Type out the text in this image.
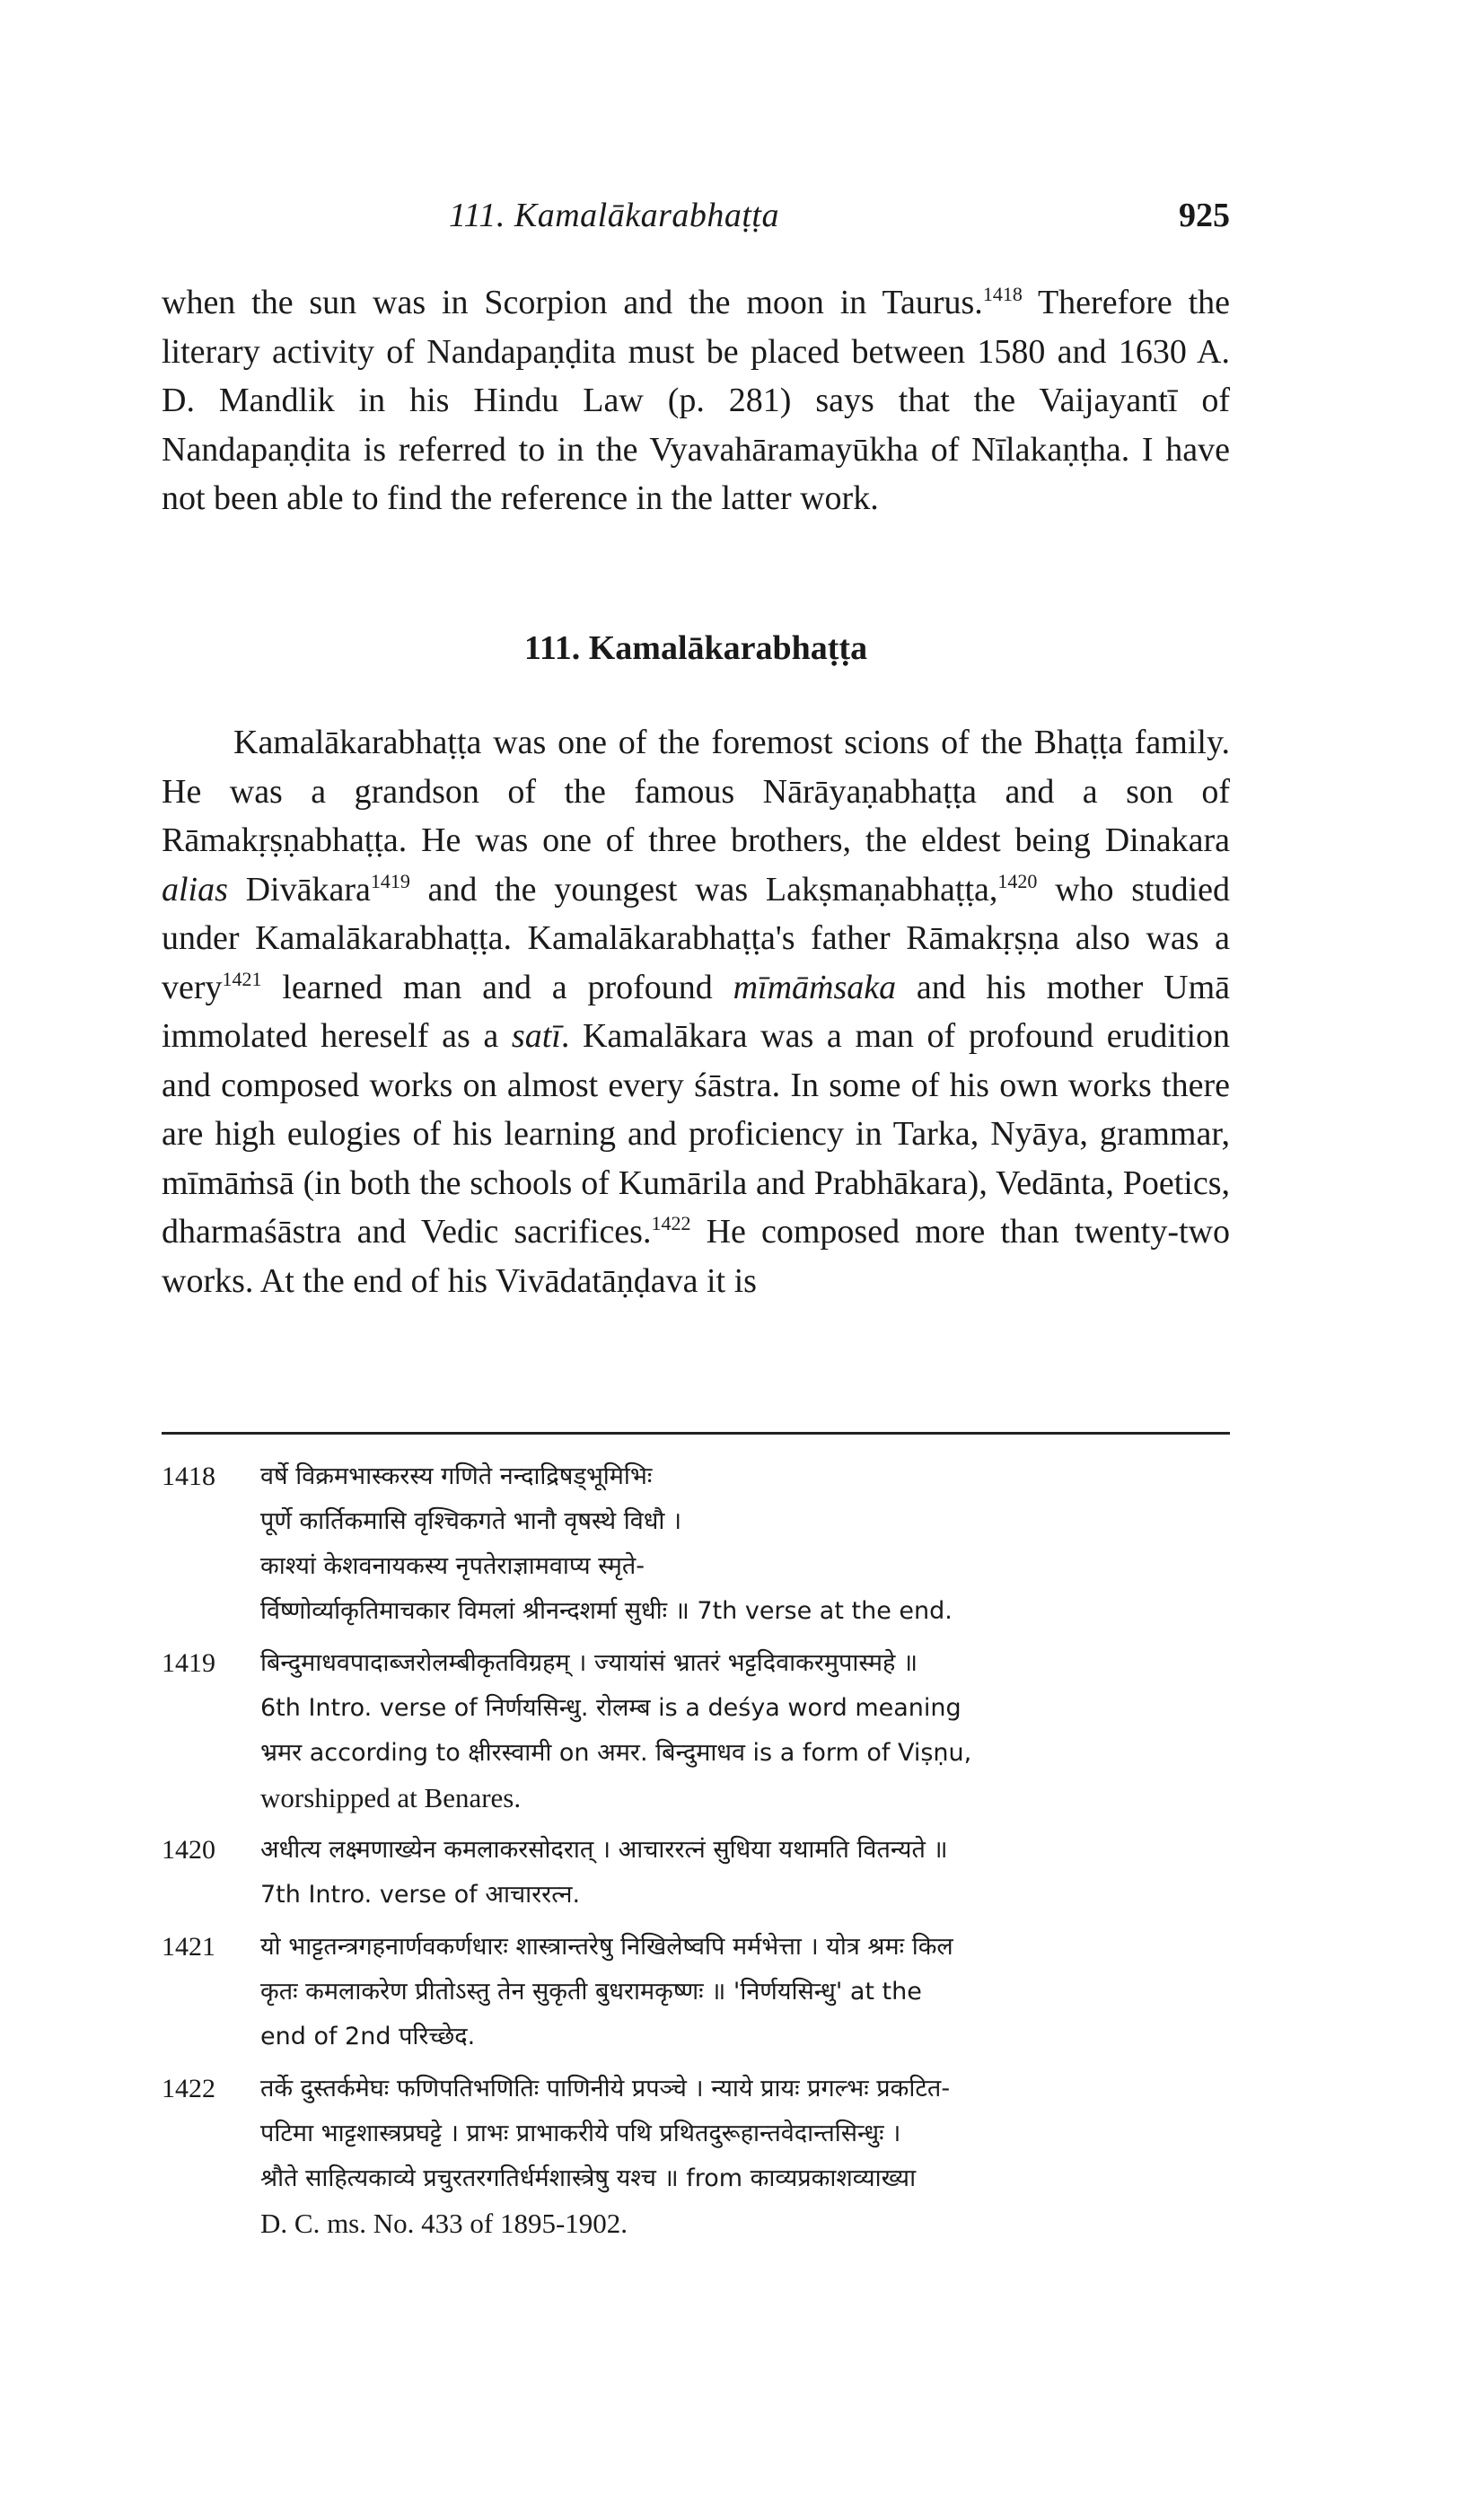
111. Kamalākarabhaṭṭa	925

when the sun was in Scorpion and the moon in Taurus.$^{1418}$ Therefore the literary activity of Nandapaṇḍita must be placed between 1580 and 1630 A. D. Mandlik in his Hindu Law (p. 281) says that the Vaijayantī of Nandapaṇḍita is referred to in the Vyavahāramayūkha of Nīlakaṇṭha. I have not been able to find the reference in the latter work.

111. Kamalākarabhaṭṭa

Kamalākarabhaṭṭa was one of the foremost scions of the Bhaṭṭa family. He was a grandson of the famous Nārāyaṇabhaṭṭa and a son of Rāmakṛṣṇabhaṭṭa. He was one of three brothers, the eldest being Dinakara alias Divākara$^{1419}$ and the youngest was Lakṣmaṇabhaṭṭa,$^{1420}$ who studied under Kamalākarabhaṭṭa. Kamalākarabhaṭṭa's father Rāmakṛṣṇa also was a very$^{1421}$ learned man and a profound mīmāṁsaka and his mother Umā immolated hereself as a satī. Kamalākara was a man of profound erudition and composed works on almost every śāstra. In some of his own works there are high eulogies of his learning and proficiency in Tarka, Nyāya, grammar, mīmāṁsā (in both the schools of Kumārila and Prabhākara), Vedānta, Poetics, dharmaśāstra and Vedic sacrifices.$^{1422}$ He composed more than twenty-two works. At the end of his Vivādatāṇḍava it is

1418 वर्षे विक्रमभास्करस्य गणिते नन्दाद्रिषड्भूमिभिः
पूर्णे कार्तिकमासि वृश्चिकगते भानौ वृषस्थे विधौ ।
काश्यां केशवनायकस्य नृपतेराज्ञामवाप्य स्मृते-
र्विष्णोर्व्याकृतिमाचकार विमलां श्रीनन्दशर्मा सुधीः ॥ 7th verse at the end.
1419 बिन्दुमाधवपादाब्जरोलम्बीकृतविग्रहम् । ज्यायांसं भ्रातरं भट्टदिवाकरमुपास्महे ॥
6th Intro. verse of निर्णयसिन्धु. रोलम्ब is a deśya word meaning
भ्रमर according to क्षीरस्वामी on अमर. बिन्दुमाधव is a form of Viṣṇu,
worshipped at Benares.
1420 अधीत्य लक्ष्मणाख्येन कमलाकरसोदरात् । आचाररत्नं सुधिया यथामति वितन्यते ॥
7th Intro. verse of आचाररत्न.
1421 यो भाट्टतन्त्रगहनार्णवकर्णधारः शास्त्रान्तरेषु निखिलेष्वपि मर्मभेत्ता । योत्र श्रमः किल
कृतः कमलाकरेण प्रीतोऽस्तु तेन सुकृती बुधरामकृष्णः ॥ 'निर्णयसिन्धु' at the
end of 2nd परिच्छेद.
1422 तर्के दुस्तर्कमेघः फणिपतिभणितिः पाणिनीये प्रपञ्चे । न्याये प्रायः प्रगल्भः प्रकटित-
पटिमा भाट्टशास्त्रप्रघट्टे । प्राभः प्राभाकरीये पथि प्रथितदुरूहान्तवेदान्तसिन्धुः ।
श्रौते साहित्यकाव्ये प्रचुरतरगतिर्धर्मशास्त्रेषु यश्च ॥ from काव्यप्रकाशव्याख्या
D. C. ms. No. 433 of 1895-1902.
